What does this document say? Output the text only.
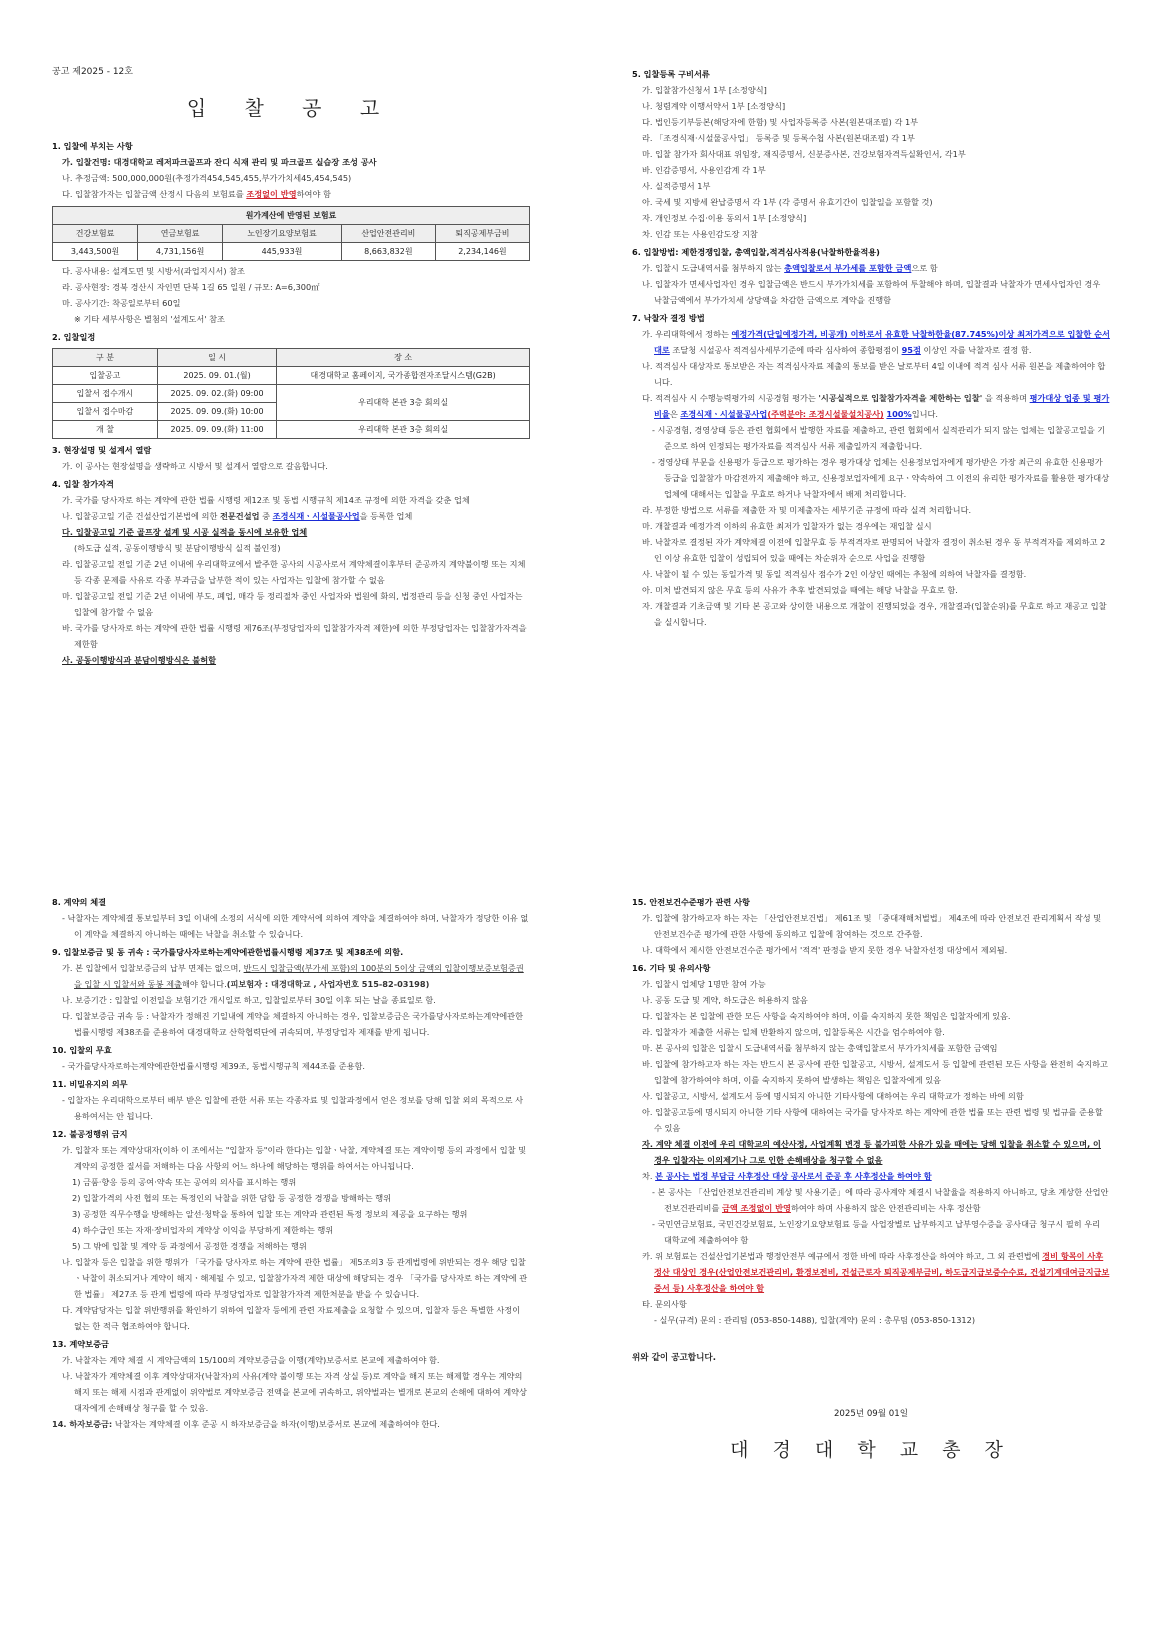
공고 제2025 - 12호

입 찰 공 고

1. 입찰에 부치는 사항

가. 입찰건명: 대경대학교 레저파크골프과 잔디 식재 관리 및 파크골프 실습장 조성 공사

나. 추정금액: 500,000,000원(추정가격454,545,455,부가가치세45,454,545)

다. 입찰참가자는 입찰금액 산정시 다음의 보험료를 조정없이 반영하여야 함

원가계산에 반영된 보험료				
건강보험료	연금보험료	노인장기요양보험료	산업안전관리비	퇴직공제부금비
3,443,500원	4,731,156원	445,933원	8,663,832원	2,234,146원

다. 공사내용: 설계도면 및 시방서(과업지시서) 참조

라. 공사현장: 경북 경산시 자인면 단북 1길 65 일원 / 규모: A=6,300㎡

마. 공사기간: 착공일로부터 60일

※ 기타 세부사항은 별첨의 '설계도서' 참조

2. 입찰일정

구 분	일 시	장 소
입찰공고	2025. 09. 01.(월)	대경대학교 홈페이지, 국가종합전자조달시스템(G2B)
입찰서 접수개시	2025. 09. 02.(화) 09:00	우리대학 본관 3층 회의실
입찰서 접수마감	2025. 09. 09.(화) 10:00	
개 찰	2025. 09. 09.(화) 11:00	우리대학 본관 3층 회의실

3. 현장설명 및 설계서 열람

가. 이 공사는 현장설명을 생략하고 시방서 및 설계서 열람으로 갈음합니다.

4. 입찰 참가자격

가. 국가를 당사자로 하는 계약에 관한 법률 시행령 제12조 및 동법 시행규칙 제14조 규정에 의한 자격을 갖춘 업체

나. 입찰공고일 기준 건설산업기본법에 의한 전문건설업 중 조경식재ㆍ시설물공사업을 등록한 업체

다. 입찰공고일 기준 골프장 설계 및 시공 실적을 동시에 보유한 업체

(하도급 실적, 공동이행방식 및 분담이행방식 실적 불인정)

라. 입찰공고일 전일 기준 2년 이내에 우리대학교에서 발주한 공사의 시공사로서 계약체결이후부터 준공까지 계약불이행 또는 지체 등 각종 문제를 사유로 각종 부과금을 납부한 적이 있는 사업자는 입찰에 참가할 수 없음

마. 입찰공고일 전일 기준 2년 이내에 부도, 폐업, 매각 등 정리절차 중인 사업자와 법원에 화의, 법정관리 등을 신청 중인 사업자는 입찰에 참가할 수 없음

바. 국가를 당사자로 하는 계약에 관한 법률 시행령 제76조(부정당업자의 입찰참가자격 제한)에 의한 부정당업자는 입찰참가자격을 제한함

사. 공동이행방식과 분담이행방식은 불허함

5. 입찰등록 구비서류

가. 입찰참가신청서 1부 [소정양식]

나. 청렴계약 이행서약서 1부 [소정양식]

다. 법인등기부등본(해당자에 한함) 및 사업자등록증 사본(원본대조필) 각 1부

라. 「조경식재·시설물공사업」 등록증 및 등록수첩 사본(원본대조필) 각 1부

마. 입찰 참가자 회사대표 위임장, 재직증명서, 신분증사본, 건강보험자격득실확인서, 각1부

바. 인감증명서, 사용인감계 각 1부

사. 실적증명서 1부

아. 국세 및 지방세 완납증명서 각 1부 (각 증명서 유효기간이 입찰일을 포함할 것)

자. 개인정보 수집·이용 동의서 1부 [소정양식]

차. 인감 또는 사용인감도장 지참

6. 입찰방법: 제한경쟁입찰, 총액입찰,적격심사적용(낙찰하한율적용)

가. 입찰시 도급내역서를 첨부하지 않는 총액입찰로서 부가세를 포함한 금액으로 함

나. 입찰자가 면세사업자인 경우 입찰금액은 반드시 부가가치세를 포함하여 투찰해야 하며, 입찰결과 낙찰자가 면세사업자인 경우 낙찰금액에서 부가가치세 상당액을 차감한 금액으로 계약을 진행함

7. 낙찰자 결정 방법

가. 우리대학에서 정하는 예정가격(단일예정가격, 비공개) 이하로서 유효한 낙찰하한율(87.745%)이상 최저가격으로 입찰한 순서대로 조달청 시설공사 적격심사세부기준에 따라 심사하여 종합평점이 95점 이상인 자를 낙찰자로 결정 함.

나. 적격심사 대상자로 통보받은 자는 적격심사자료 제출의 통보를 받은 날로부터 4일 이내에 적격 심사 서류 원본을 제출하여야 합니다.

다. 적격심사 시 수행능력평가의 시공경험 평가는 '시공실적으로 입찰참가자격을 제한하는 입찰' 을 적용하며 평가대상 업종 및 평가비율은 조경식재ㆍ시설물공사업(주력분야: 조경시설물설치공사) 100%입니다.

- 시공경험, 경영상태 등은 관련 협회에서 발행한 자료를 제출하고, 관련 협회에서 실적관리가 되지 않는 업체는 입찰공고일을 기준으로 하여 인정되는 평가자료를 적격심사 서류 제출일까지 제출합니다.

- 경영상태 부문을 신용평가 등급으로 평가하는 경우 평가대상 업체는 신용정보업자에게 평가받은 가장 최근의 유효한 신용평가등급을 입찰참가 마감전까지 제출해야 하고, 신용정보업자에게 요구ㆍ약속하여 그 이전의 유리한 평가자료를 활용한 평가대상업체에 대해서는 입찰을 무효로 하거나 낙찰자에서 배제 처리합니다.

라. 부정한 방법으로 서류를 제출한 자 및 미제출자는 세부기준 규정에 따라 실격 처리합니다.

마. 개찰결과 예정가격 이하의 유효한 최저가 입찰자가 없는 경우에는 재입찰 실시

바. 낙찰자로 결정된 자가 계약체결 이전에 입찰무효 등 부적격자로 판명되어 낙찰자 결정이 취소된 경우 동 부적격자를 제외하고 2인 이상 유효한 입찰이 성립되어 있을 때에는 차순위자 순으로 사업을 진행함

사. 낙찰이 될 수 있는 동일가격 및 동일 적격심사 점수가 2인 이상인 때에는 추첨에 의하여 낙찰자를 결정함.

아. 미처 발견되지 않은 무효 등의 사유가 추후 발견되었을 때에는 해당 낙찰을 무효로 함.

자. 개찰결과 기초금액 및 기타 본 공고와 상이한 내용으로 개찰이 진행되었을 경우, 개찰결과(입찰순위)를 무효로 하고 재공고 입찰을 실시합니다.

8. 계약의 체결

- 낙찰자는 계약체결 통보일부터 3일 이내에 소정의 서식에 의한 계약서에 의하여 계약을 체결하여야 하며, 낙찰자가 정당한 이유 없이 계약을 체결하지 아니하는 때에는 낙찰을 취소할 수 있습니다.

9. 입찰보증금 및 동 귀속 : 국가를당사자로하는계약에관한법률시행령 제37조 및 제38조에 의함.

가. 본 입찰에서 입찰보증금의 납부 면제는 없으며, 반드시 입찰금액(부가세 포함)의 100분의 5이상 금액의 입찰이행보증보험증권을 입찰 시 입찰서와 동봉 제출해야 합니다.(피보험자 : 대경대학교 , 사업자번호 515-82-03198)

나. 보증기간 : 입찰일 이전일을 보험기간 개시일로 하고, 입찰일로부터 30일 이후 되는 날을 종료일로 함.

다. 입찰보증금 귀속 등 : 낙찰자가 정해진 기일내에 계약을 체결하지 아니하는 경우, 입찰보증금은 국가를당사자로하는계약에관한법률시행령 제38조를 준용하여 대경대학교 산학협력단에 귀속되며, 부정당업자 제재를 받게 됩니다.

10. 입찰의 무효

- 국가를당사자로하는계약에관한법률시행령 제39조, 동법시행규칙 제44조를 준용함.

11. 비밀유지의 의무

- 입찰자는 우리대학으로부터 배부 받은 입찰에 관한 서류 또는 각종자료 및 입찰과정에서 얻은 정보를 당해 입찰 외의 목적으로 사용하여서는 안 됩니다.

12. 불공정행위 금지

가. 입찰자 또는 계약상대자(이하 이 조에서는 "입찰자 등"이라 한다)는 입찰ㆍ낙찰, 계약체결 또는 계약이행 등의 과정에서 입찰 및 계약의 공정한 질서를 저해하는 다음 사항의 어느 하나에 해당하는 행위를 하여서는 아니됩니다.

1) 금품·향응 등의 공여·약속 또는 공여의 의사를 표시하는 행위

2) 입찰가격의 사전 협의 또는 특정인의 낙찰을 위한 담합 등 공정한 경쟁을 방해하는 행위

3) 공정한 직무수행을 방해하는 알선·청탁을 통하여 입찰 또는 계약과 관련된 특정 정보의 제공을 요구하는 행위

4) 하수급인 또는 자재·장비업자의 계약상 이익을 부당하게 제한하는 행위

5) 그 밖에 입찰 및 계약 등 과정에서 공정한 경쟁을 저해하는 행위

나. 입찰자 등은 입찰을 위한 행위가 「국가를 당사자로 하는 계약에 관한 법률」 제5조의3 등 관계법령에 위반되는 경우 해당 입찰ㆍ낙찰이 취소되거나 계약이 해지ㆍ해제될 수 있고, 입찰참가자격 제한 대상에 해당되는 경우 「국가를 당사자로 하는 계약에 관한 법률」 제27조 등 관계 법령에 따라 부정당업자로 입찰참가자격 제한처분을 받을 수 있습니다.

다. 계약담당자는 입찰 위반행위를 확인하기 위하여 입찰자 등에게 관련 자료제출을 요청할 수 있으며, 입찰자 등은 특별한 사정이 없는 한 적극 협조하여야 합니다.

13. 계약보증금

가. 낙찰자는 계약 체결 시 계약금액의 15/100의 계약보증금을 이행(계약)보증서로 본교에 제출하여야 함.

나. 낙찰자가 계약체결 이후 계약상대자(낙찰자)의 사유(계약 불이행 또는 자격 상실 등)로 계약을 해지 또는 해제할 경우는 계약의 해지 또는 해제 시점과 관계없이 위약벌로 계약보증금 전액을 본교에 귀속하고, 위약벌과는 별개로 본교의 손해에 대하여 계약상대자에게 손해배상 청구를 할 수 있음.

14. 하자보증금: 낙찰자는 계약체결 이후 준공 시 하자보증금을 하자(이행)보증서로 본교에 제출하여야 한다.

15. 안전보건수준평가 관련 사항

가. 입찰에 참가하고자 하는 자는 「산업안전보건법」 제61조 및 「중대재해처벌법」 제4조에 따라 안전보건 관리계획서 작성 및 안전보건수준 평가에 관한 사항에 동의하고 입찰에 참여하는 것으로 간주함.

나. 대학에서 제시한 안전보건수준 평가에서 '적격' 판정을 받지 못한 경우 낙찰자선정 대상에서 제외됨.

16. 기타 및 유의사항

가. 입찰시 업체당 1명만 참여 가능

나. 공동 도급 및 계약, 하도급은 허용하지 않음

다. 입찰자는 본 입찰에 관한 모든 사항을 숙지하여야 하며, 이를 숙지하지 못한 책임은 입찰자에게 있음.

라. 입찰자가 제출한 서류는 일체 반환하지 않으며, 입찰등록은 시간을 엄수하여야 함.

마. 본 공사의 입찰은 입찰시 도급내역서를 첨부하지 않는 총액입찰로서 부가가치세를 포함한 금액임

바. 입찰에 참가하고자 하는 자는 반드시 본 공사에 관한 입찰공고, 시방서, 설계도서 등 입찰에 관련된 모든 사항을 완전히 숙지하고 입찰에 참가하여야 하며, 이를 숙지하지 못하여 발생하는 책임은 입찰자에게 있음

사. 입찰공고, 시방서, 설계도서 등에 명시되지 아니한 기타사항에 대하여는 우리 대학교가 정하는 바에 의함

아. 입찰공고등에 명시되지 아니한 기타 사항에 대하여는 국가를 당사자로 하는 계약에 관한 법률 또는 관련 법령 및 법규를 준용할 수 있음

자. 계약 체결 이전에 우리 대학교의 예산사정, 사업계획 변경 등 불가피한 사유가 있을 때에는 당해 입찰을 취소할 수 있으며, 이 경우 입찰자는 이의제기나 그로 인한 손해배상을 청구할 수 없음

차. 본 공사는 법정 부담금 사후정산 대상 공사로서 준공 후 사후정산을 하여야 함

- 본 공사는 「산업안전보건관리비 계상 및 사용기준」에 따라 공사계약 체결시 낙찰율을 적용하지 아니하고, 당초 계상한 산업안전보건관리비를 금액 조정없이 반영하여야 하며 사용하지 않은 안전관리비는 사후 정산함

- 국민연금보험료, 국민건강보험료, 노인장기요양보험료 등을 사업장별로 납부하지고 납부영수증을 공사대금 청구시 필히 우리 대학교에 제출하여야 함

카. 위 보험료는 건설산업기본법과 행정안전부 예규에서 정한 바에 따라 사후정산을 하여야 하고, 그 외 관련법에 경비 항목이 사후정산 대상인 경우(산업안전보건관리비, 환경보전비, 건설근로자 퇴직공제부금비, 하도급지급보증수수료, 건설기계대여금지급보증서 등) 사후정산을 하여야 함

타. 문의사항

- 실무(규격) 문의 : 관리팀 (053-850-1488), 입찰(계약) 문의 : 총무팀 (053-850-1312)

위와 같이 공고합니다.

2025년 09월 01일

대 경 대 학 교 총 장
